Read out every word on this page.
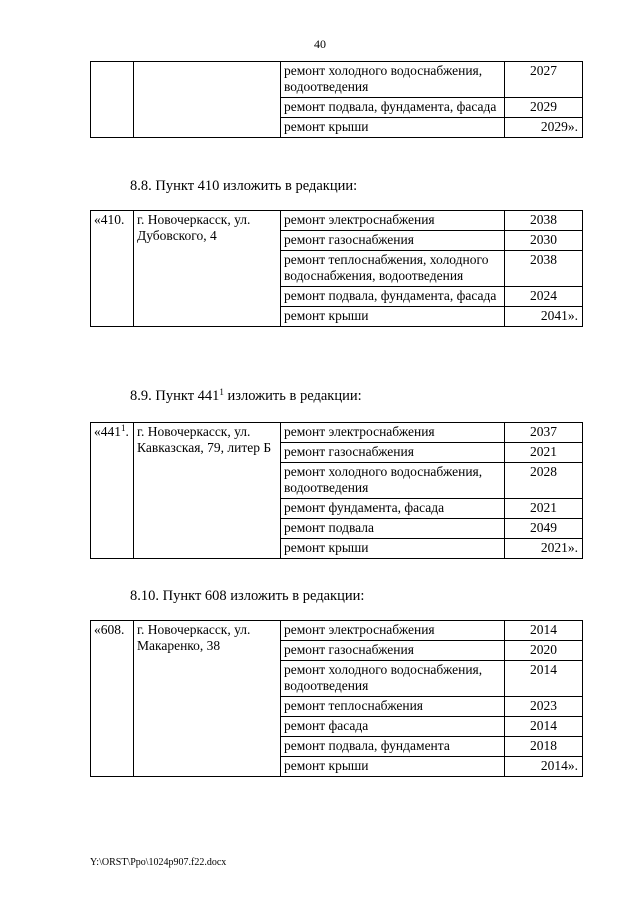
40
		ремонт холодного водоснабжения, водоотведения	2027
		ремонт подвала, фундамента, фасада	2029
		ремонт крыши	2029».
8.8. Пункт 410 изложить в редакции:
«410.	г. Новочеркасск, ул. Дубовского, 4	ремонт электроснабжения	2038
		ремонт газоснабжения	2030
		ремонт теплоснабжения, холодного водоснабжения, водоотведения	2038
		ремонт подвала, фундамента, фасада	2024
		ремонт крыши	2041».
8.9. Пункт $441^1$ изложить в редакции:
«$441^1$.	г. Новочеркасск, ул. Кавказская, 79, литер Б	ремонт электроснабжения	2037
		ремонт газоснабжения	2021
		ремонт холодного водоснабжения, водоотведения	2028
		ремонт фундамента, фасада	2021
		ремонт подвала	2049
		ремонт крыши	2021».
8.10. Пункт 608 изложить в редакции:
«608.	г. Новочеркасск, ул. Макаренко, 38	ремонт электроснабжения	2014
		ремонт газоснабжения	2020
		ремонт холодного водоснабжения, водоотведения	2014
		ремонт теплоснабжения	2023
		ремонт фасада	2014
		ремонт подвала, фундамента	2018
		ремонт крыши	2014».
Y:\ORST\Ppo\1024p907.f22.docx
